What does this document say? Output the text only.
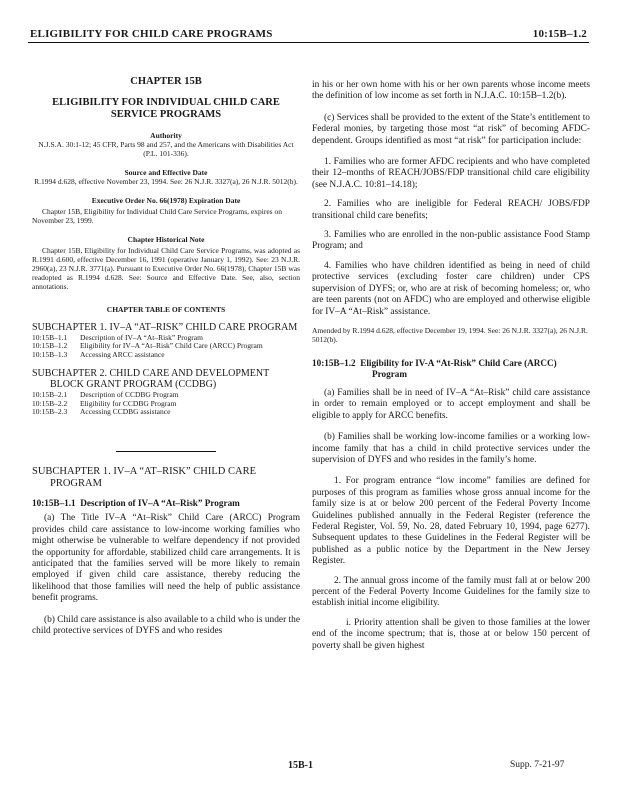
ELIGIBILITY FOR CHILD CARE PROGRAMS	10:15B–1.2
CHAPTER 15B
ELIGIBILITY FOR INDIVIDUAL CHILD CARE SERVICE PROGRAMS
Authority
N.J.S.A. 30:1-12; 45 CFR, Parts 98 and 257, and the Americans with Disabilities Act (P.L. 101-336).
Source and Effective Date
R.1994 d.628, effective November 23, 1994. See: 26 N.J.R. 3327(a), 26 N.J.R. 5012(b).
Executive Order No. 66(1978) Expiration Date
Chapter 15B, Eligibility for Individual Child Care Service Programs, expires on November 23, 1999.
Chapter Historical Note
Chapter 15B, Eligibility for Individual Child Care Service Programs, was adopted as R.1991 d.600, effective December 16, 1991 (operative January 1, 1992). See: 23 N.J.R. 2960(a), 23 N.J.R. 3771(a). Pursuant to Executive Order No. 66(1978), Chapter 15B was readopted as R.1994 d.628. See: Source and Effective Date. See, also, section annotations.
CHAPTER TABLE OF CONTENTS
SUBCHAPTER 1. IV–A “AT–RISK” CHILD CARE PROGRAM
10:15B–1.1	Description of IV–A “At–Risk” Program
10:15B–1.2	Eligibility for IV–A “At–Risk” Child Care (ARCC) Program
10:15B–1.3	Accessing ARCC assistance
SUBCHAPTER 2. CHILD CARE AND DEVELOPMENT BLOCK GRANT PROGRAM (CCDBG)
10:15B–2.1	Description of CCDBG Program
10:15B–2.2	Eligibility for CCDBG Program
10:15B–2.3	Accessing CCDBG assistance
SUBCHAPTER 1. IV–A “AT–RISK” CHILD CARE PROGRAM
10:15B–1.1 Description of IV–A “At–Risk” Program

(a) The Title IV–A “At–Risk” Child Care (ARCC) Program provides child care assistance to low-income working families who might otherwise be vulnerable to welfare dependency if not provided the opportunity for affordable, stabilized child care arrangements. It is anticipated that the families served will be more likely to remain employed if given child care assistance, thereby reducing the likelihood that those families will need the help of public assistance benefit programs.

(b) Child care assistance is also available to a child who is under the child protective services of DYFS and who resides

in his or her own home with his or her own parents whose income meets the definition of low income as set forth in N.J.A.C. 10:15B–1.2(b).

(c) Services shall be provided to the extent of the State’s entitlement to Federal monies, by targeting those most “at risk” of becoming AFDC-dependent. Groups identified as most “at risk” for participation include:

1. Families who are former AFDC recipients and who have completed their 12–months of REACH/JOBS/FDP transitional child care eligibility (see N.J.A.C. 10:81–14.18);

2. Families who are ineligible for Federal REACH/ JOBS/FDP transitional child care benefits;

3. Families who are enrolled in the non-public assistance Food Stamp Program; and

4. Families who have children identified as being in need of child protective services (excluding foster care children) under CPS supervision of DYFS; or, who are at risk of becoming homeless; or, who are teen parents (not on AFDC) who are employed and otherwise eligible for IV–A “At–Risk” assistance.

Amended by R.1994 d.628, effective December 19, 1994. See: 26 N.J.R. 3327(a), 26 N.J.R. 5012(b).
10:15B–1.2 Eligibility for IV-A “At-Risk” Child Care (ARCC) Program

(a) Families shall be in need of IV–A “At–Risk” child care assistance in order to remain employed or to accept employment and shall be eligible to apply for ARCC benefits.

(b) Families shall be working low-income families or a working low-income family that has a child in child protective services under the supervision of DYFS and who resides in the family’s home.

1. For program entrance “low income” families are defined for purposes of this program as families whose gross annual income for the family size is at or below 200 percent of the Federal Poverty Income Guidelines published annually in the Federal Register (reference the Federal Register, Vol. 59, No. 28, dated February 10, 1994, page 6277). Subsequent updates to these Guidelines in the Federal Register will be published as a public notice by the Department in the New Jersey Register.

2. The annual gross income of the family must fall at or below 200 percent of the Federal Poverty Income Guidelines for the family size to establish initial income eligibility.

i. Priority attention shall be given to those families at the lower end of the income spectrum; that is, those at or below 150 percent of poverty shall be given highest

15B-1	Supp. 7-21-97
